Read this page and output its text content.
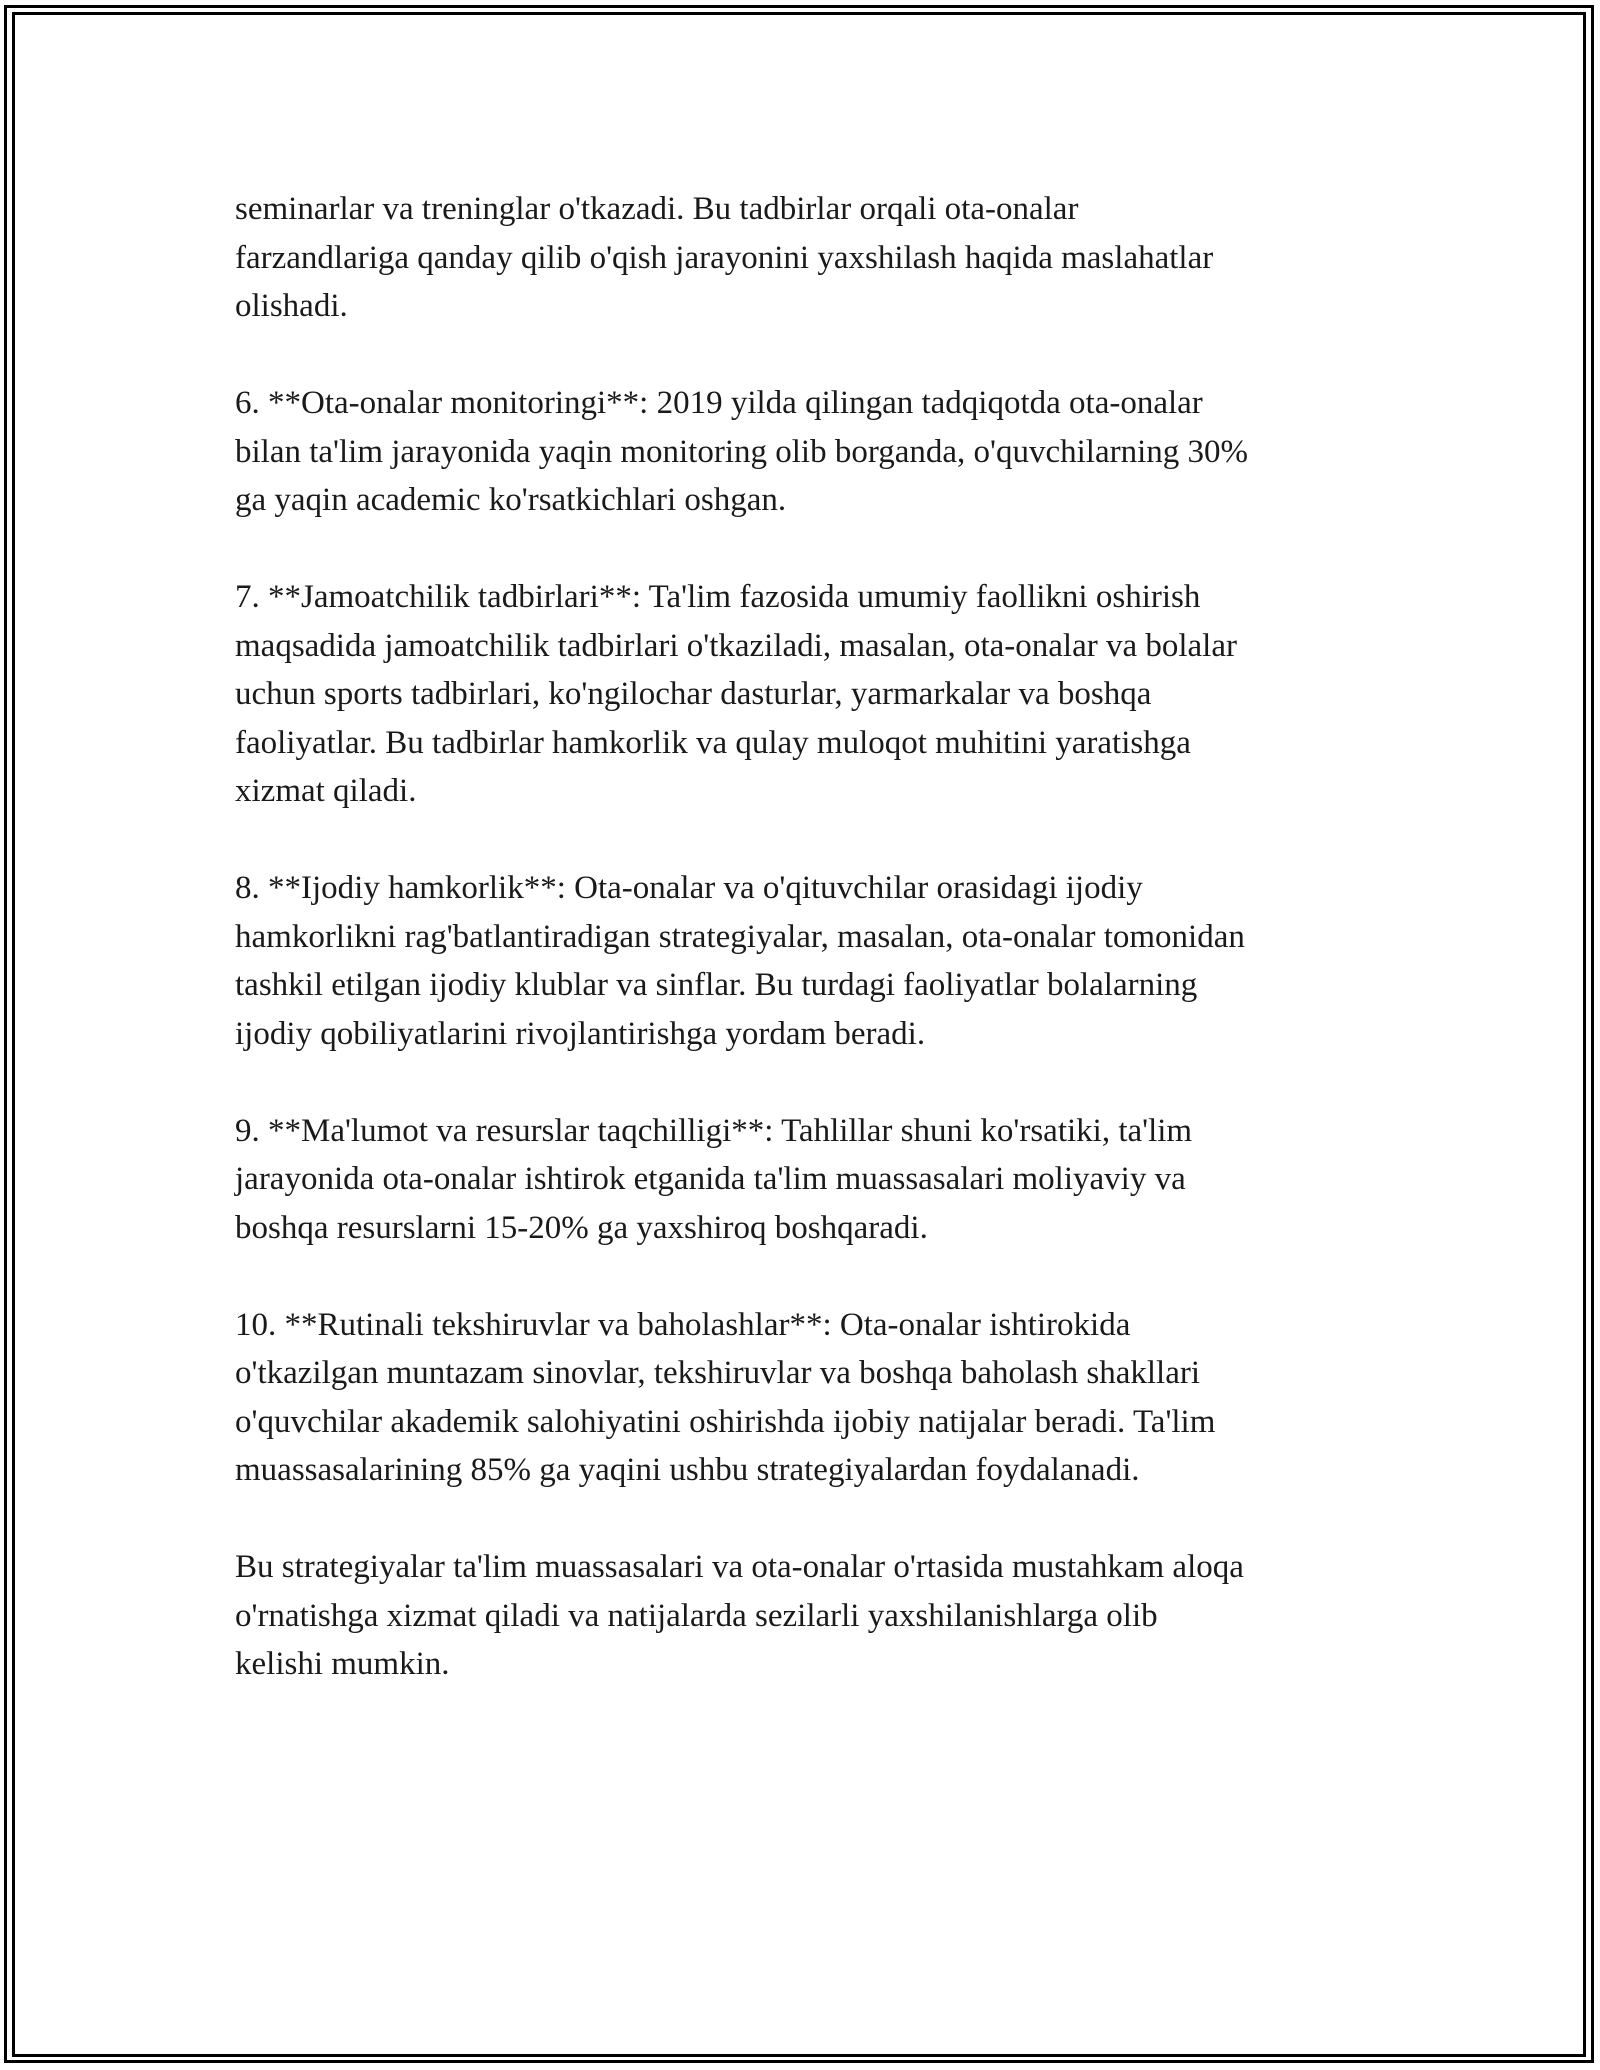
seminarlar va treninglar o'tkazadi. Bu tadbirlar orqali ota-onalar
farzandlariga qanday qilib o'qish jarayonini yaxshilash haqida maslahatlar
olishadi.

6. **Ota-onalar monitoringi**: 2019 yilda qilingan tadqiqotda ota-onalar
bilan ta'lim jarayonida yaqin monitoring olib borganda, o'quvchilarning 30%
ga yaqin academic ko'rsatkichlari oshgan.

7. **Jamoatchilik tadbirlari**: Ta'lim fazosida umumiy faollikni oshirish
maqsadida jamoatchilik tadbirlari o'tkaziladi, masalan, ota-onalar va bolalar
uchun sports tadbirlari, ko'ngilochar dasturlar, yarmarkalar va boshqa
faoliyatlar. Bu tadbirlar hamkorlik va qulay muloqot muhitini yaratishga
xizmat qiladi.

8. **Ijodiy hamkorlik**: Ota-onalar va o'qituvchilar orasidagi ijodiy
hamkorlikni rag'batlantiradigan strategiyalar, masalan, ota-onalar tomonidan
tashkil etilgan ijodiy klublar va sinflar. Bu turdagi faoliyatlar bolalarning
ijodiy qobiliyatlarini rivojlantirishga yordam beradi.

9. **Ma'lumot va resurslar taqchilligi**: Tahlillar shuni ko'rsatiki, ta'lim
jarayonida ota-onalar ishtirok etganida ta'lim muassasalari moliyaviy va
boshqa resurslarni 15-20% ga yaxshiroq boshqaradi.

10. **Rutinali tekshiruvlar va baholashlar**: Ota-onalar ishtirokida
o'tkazilgan muntazam sinovlar, tekshiruvlar va boshqa baholash shakllari
o'quvchilar akademik salohiyatini oshirishda ijobiy natijalar beradi. Ta'lim
muassasalarining 85% ga yaqini ushbu strategiyalardan foydalanadi.

Bu strategiyalar ta'lim muassasalari va ota-onalar o'rtasida mustahkam aloqa
o'rnatishga xizmat qiladi va natijalarda sezilarli yaxshilanishlarga olib
kelishi mumkin.
